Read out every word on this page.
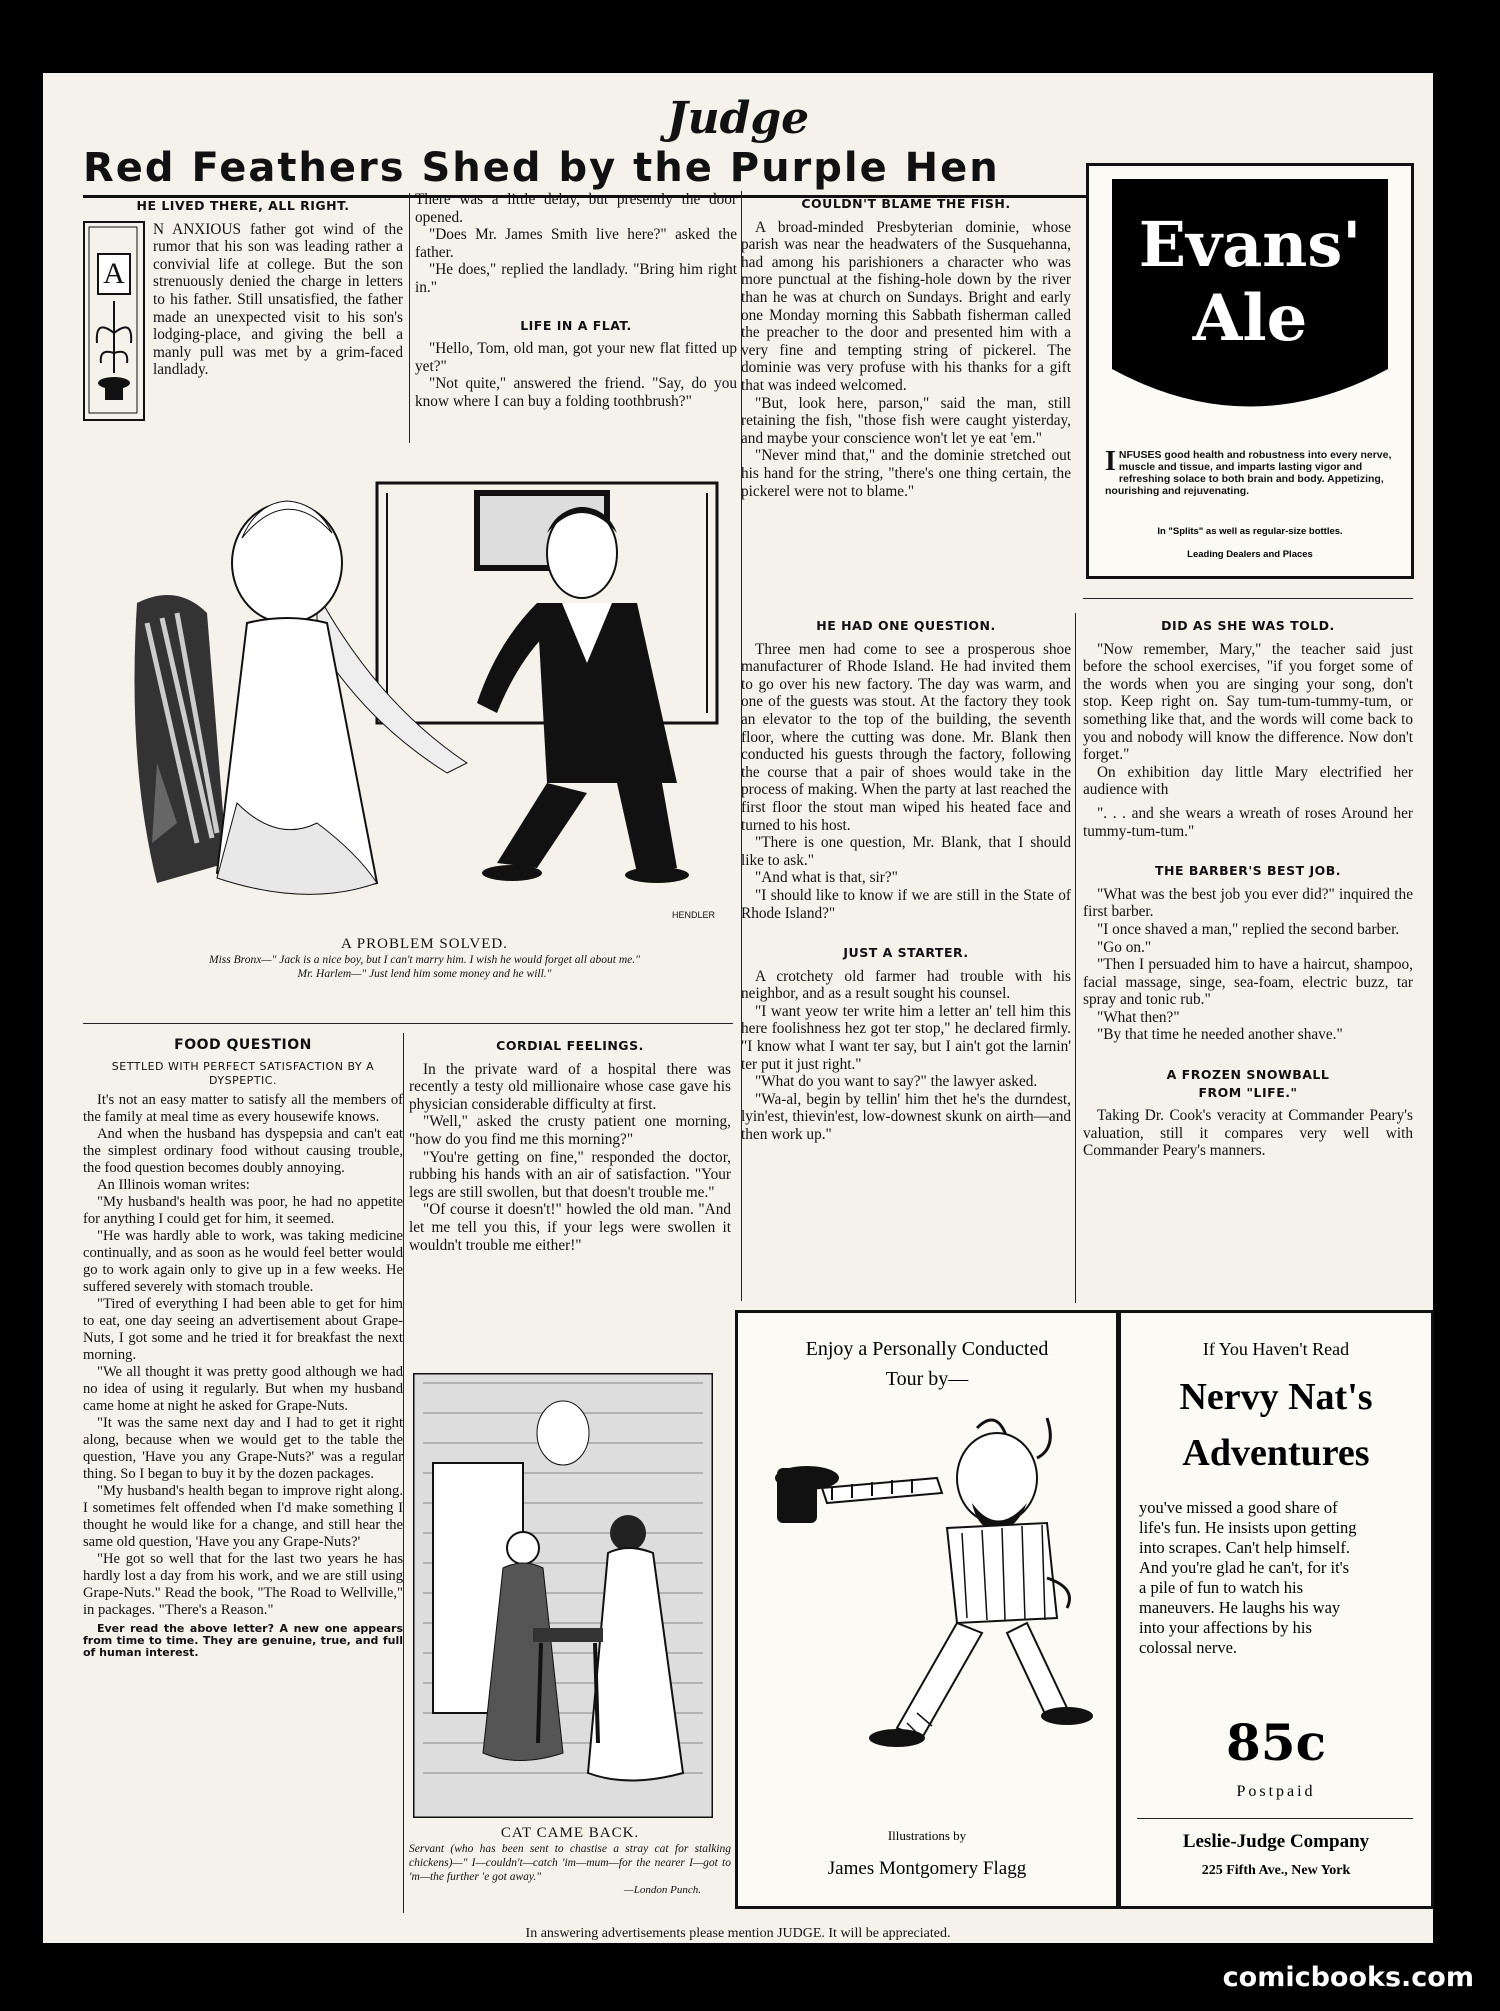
Judge
Red Feathers Shed by the Purple Hen
HE LIVED THERE, ALL RIGHT.
A

N ANXIOUS father got wind of the rumor that his son was leading rather a convivial life at college. But the son strenuously denied the charge in letters to his father. Still unsatisfied, the father made an unexpected visit to his son's lodging-place, and giving the bell a manly pull was met by a grim-faced landlady.

There was a little delay, but presently the door opened.

"Does Mr. James Smith live here?" asked the father.

"He does," replied the landlady. "Bring him right in."

LIFE IN A FLAT.

"Hello, Tom, old man, got your new flat fitted up yet?"

"Not quite," answered the friend. "Say, do you know where I can buy a folding toothbrush?"

COULDN'T BLAME THE FISH.

A broad-minded Presbyterian dominie, whose parish was near the headwaters of the Susquehanna, had among his parishioners a character who was more punctual at the fishing-hole down by the river than he was at church on Sundays. Bright and early one Monday morning this Sabbath fisherman called the preacher to the door and presented him with a very fine and tempting string of pickerel. The dominie was very profuse with his thanks for a gift that was indeed welcomed.

"But, look here, parson," said the man, still retaining the fish, "those fish were caught yisterday, and maybe your conscience won't let ye eat 'em."

"Never mind that," and the dominie stretched out his hand for the string, "there's one thing certain, the pickerel were not to blame."

Evans'
Ale
I NFUSES good health and robustness into every nerve, muscle and tissue, and imparts lasting vigor and refreshing solace to both brain and body. Appetizing, nourishing and rejuvenating.
In "Splits" as well as regular-size bottles.
Leading Dealers and Places
HENDLER
A PROBLEM SOLVED.
Miss Bronx—" Jack is a nice boy, but I can't marry him. I wish he would forget all about me."
Mr. Harlem—" Just lend him some money and he will."
HE HAD ONE QUESTION.

Three men had come to see a prosperous shoe manufacturer of Rhode Island. He had invited them to go over his new factory. The day was warm, and one of the guests was stout. At the factory they took an elevator to the top of the building, the seventh floor, where the cutting was done. Mr. Blank then conducted his guests through the factory, following the course that a pair of shoes would take in the process of making. When the party at last reached the first floor the stout man wiped his heated face and turned to his host.

"There is one question, Mr. Blank, that I should like to ask."

"And what is that, sir?"

"I should like to know if we are still in the State of Rhode Island?"

JUST A STARTER.

A crotchety old farmer had trouble with his neighbor, and as a result sought his counsel.

"I want yeow ter write him a letter an' tell him this here foolishness hez got ter stop," he declared firmly. "I know what I want ter say, but I ain't got the larnin' ter put it just right."

"What do you want to say?" the lawyer asked.

"Wa-al, begin by tellin' him thet he's the durndest, lyin'est, thievin'est, low-downest skunk on airth—and then work up."

DID AS SHE WAS TOLD.

"Now remember, Mary," the teacher said just before the school exercises, "if you forget some of the words when you are singing your song, don't stop. Keep right on. Say tum-tum-tummy-tum, or something like that, and the words will come back to you and nobody will know the difference. Now don't forget."

On exhibition day little Mary electrified her audience with

". . . and she wears a wreath of roses Around her tummy-tum-tum."

THE BARBER'S BEST JOB.

"What was the best job you ever did?" inquired the first barber.

"I once shaved a man," replied the second barber.

"Go on."

"Then I persuaded him to have a haircut, shampoo, facial massage, singe, sea-foam, electric buzz, tar spray and tonic rub."

"What then?"

"By that time he needed another shave."

A FROZEN SNOWBALL
FROM "LIFE."

Taking Dr. Cook's veracity at Commander Peary's valuation, still it compares very well with Commander Peary's manners.

FOOD QUESTION
SETTLED WITH PERFECT SATISFACTION BY A DYSPEPTIC.

It's not an easy matter to satisfy all the members of the family at meal time as every housewife knows.

And when the husband has dyspepsia and can't eat the simplest ordinary food without causing trouble, the food question becomes doubly annoying.

An Illinois woman writes:

"My husband's health was poor, he had no appetite for anything I could get for him, it seemed.

"He was hardly able to work, was taking medicine continually, and as soon as he would feel better would go to work again only to give up in a few weeks. He suffered severely with stomach trouble.

"Tired of everything I had been able to get for him to eat, one day seeing an advertisement about Grape-Nuts, I got some and he tried it for breakfast the next morning.

"We all thought it was pretty good although we had no idea of using it regularly. But when my husband came home at night he asked for Grape-Nuts.

"It was the same next day and I had to get it right along, because when we would get to the table the question, 'Have you any Grape-Nuts?' was a regular thing. So I began to buy it by the dozen packages.

"My husband's health began to improve right along. I sometimes felt offended when I'd make something I thought he would like for a change, and still hear the same old question, 'Have you any Grape-Nuts?'

"He got so well that for the last two years he has hardly lost a day from his work, and we are still using Grape-Nuts." Read the book, "The Road to Wellville," in packages. "There's a Reason."

Ever read the above letter? A new one appears from time to time. They are genuine, true, and full of human interest.

CORDIAL FEELINGS.

In the private ward of a hospital there was recently a testy old millionaire whose case gave his physician considerable difficulty at first.

"Well," asked the crusty patient one morning, "how do you find me this morning?"

"You're getting on fine," responded the doctor, rubbing his hands with an air of satisfaction. "Your legs are still swollen, but that doesn't trouble me."

"Of course it doesn't!" howled the old man. "And let me tell you this, if your legs were swollen it wouldn't trouble me either!"

CAT CAME BACK.
Servant (who has been sent to chastise a stray cat for stalking chickens)—" I—couldn't—catch 'im—mum—for the nearer I—got to 'm—the further 'e got away."
—London Punch.
Enjoy a Personally Conducted
Tour by—
Illustrations by
James Montgomery Flagg
If You Haven't Read
Nervy Nat's
Adventures
you've missed a good share of life's fun. He insists upon getting into scrapes. Can't help himself. And you're glad he can't, for it's a pile of fun to watch his maneuvers. He laughs his way into your affections by his colossal nerve.
85c
Postpaid
Leslie-Judge Company
225 Fifth Ave., New York
In answering advertisements please mention JUDGE. It will be appreciated.
comicbooks.com
